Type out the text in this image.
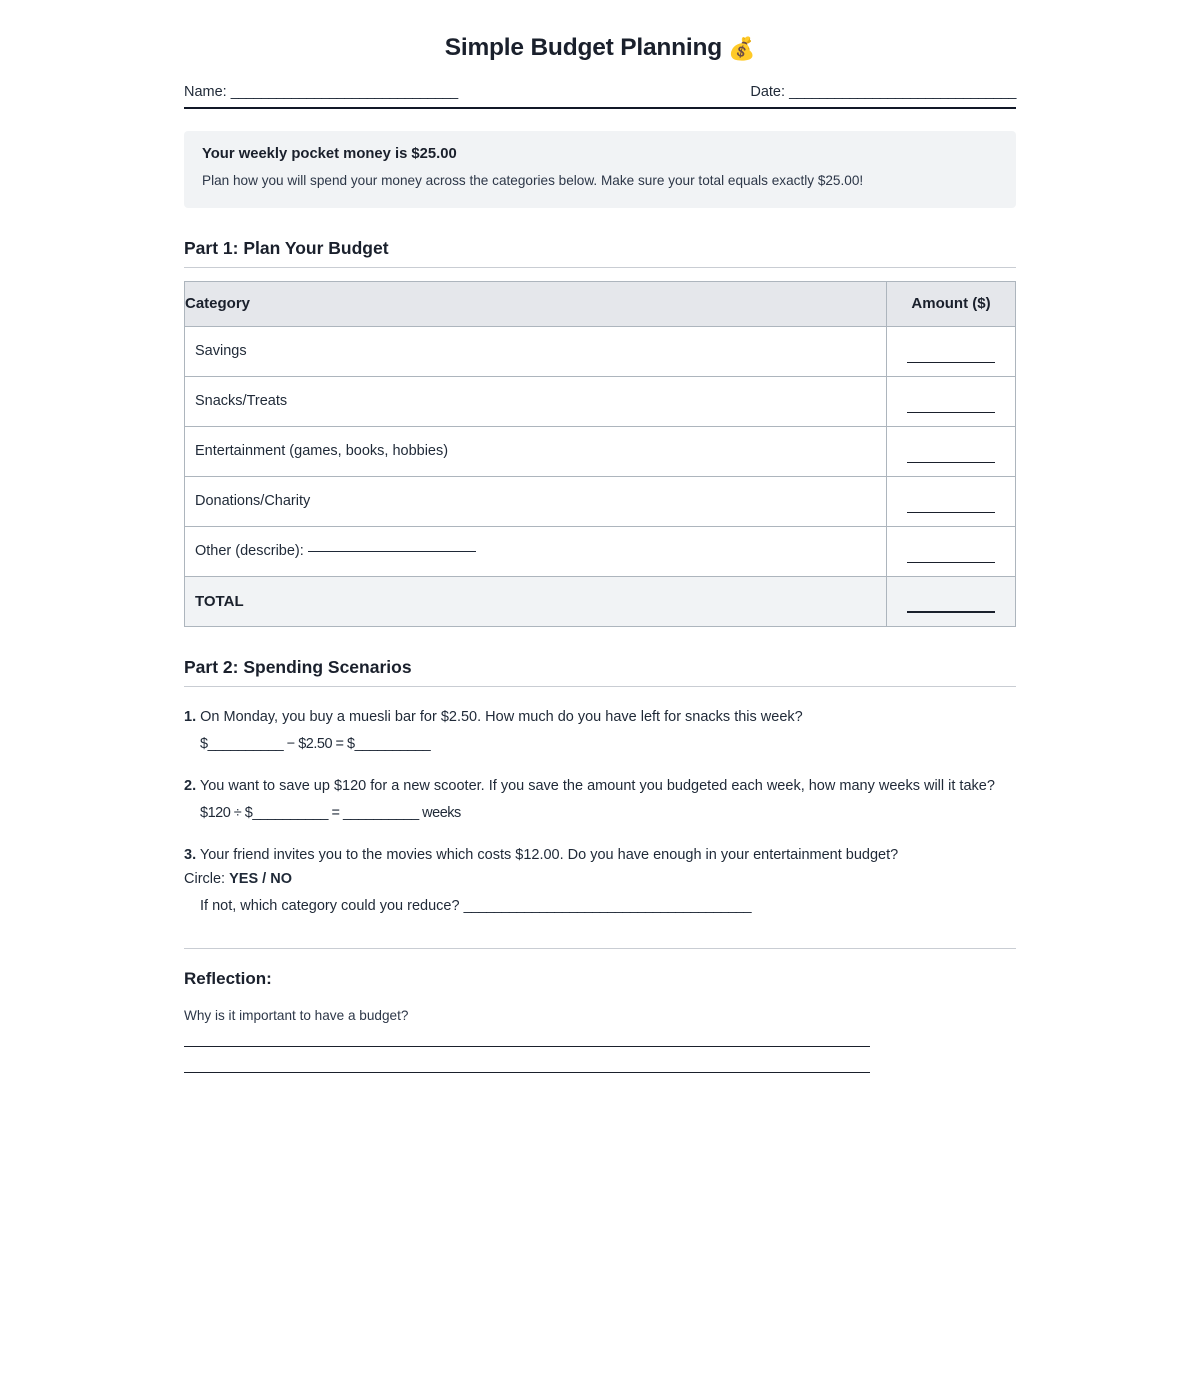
Simple Budget Planning 💰
Name: ______________________________	Date: ______________________________

Your weekly pocket money is $25.00

Plan how you will spend your money across the categories below. Make sure your total equals exactly $25.00!

Part 1: Plan Your Budget
Category	Amount ($)
Savings	
Snacks/Treats	
Entertainment (games, books, hobbies)	
Donations/Charity	
Other (describe):	
TOTAL	
Part 2: Spending Scenarios
1. On Monday, you buy a muesli bar for $2.50. How much do you have left for snacks this week?
$__________ − $2.50 = $__________
2. You want to save up $120 for a new scooter. If you save the amount you budgeted each week, how many weeks will it take?
$120 ÷ $__________ = __________ weeks
3. Your friend invites you to the movies which costs $12.00. Do you have enough in your entertainment budget?
Circle: YES / NO
If not, which category could you reduce? ______________________________________
Reflection:

Why is it important to have a budget?
